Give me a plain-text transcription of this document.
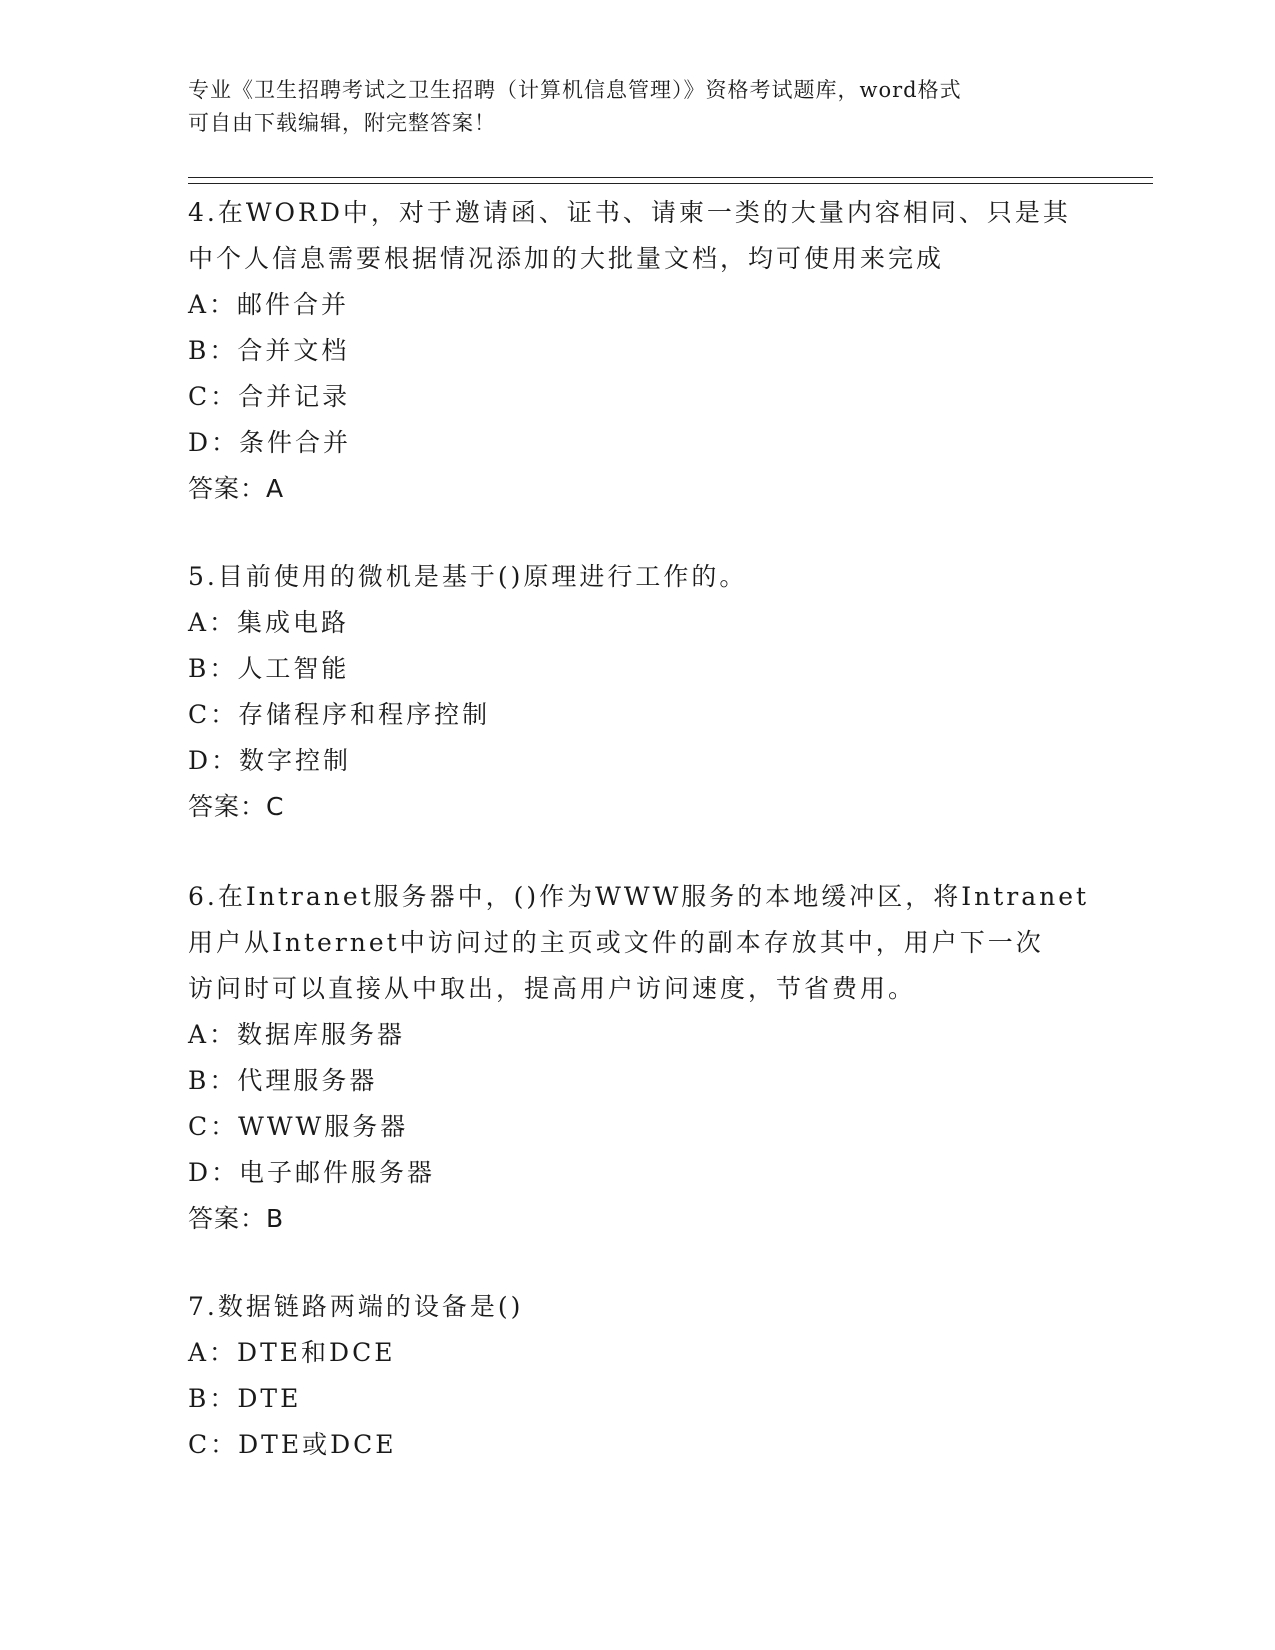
专业《卫生招聘考试之卫生招聘（计算机信息管理）》资格考试题库，word格式
可自由下载编辑，附完整答案！
4.在WORD中，对于邀请函、证书、请柬一类的大量内容相同、只是其
中个人信息需要根据情况添加的大批量文档，均可使用来完成
A：邮件合并
B：合并文档
C：合并记录
D：条件合并
答案：A
5.目前使用的微机是基于()原理进行工作的。
A：集成电路
B：人工智能
C：存储程序和程序控制
D：数字控制
答案：C
6.在Intranet服务器中，()作为WWW服务的本地缓冲区，将Intranet
用户从Internet中访问过的主页或文件的副本存放其中，用户下一次
访问时可以直接从中取出，提高用户访问速度，节省费用。
A：数据库服务器
B：代理服务器
C：WWW服务器
D：电子邮件服务器
答案：B
7.数据链路两端的设备是()
A：DTE和DCE
B：DTE
C：DTE或DCE
